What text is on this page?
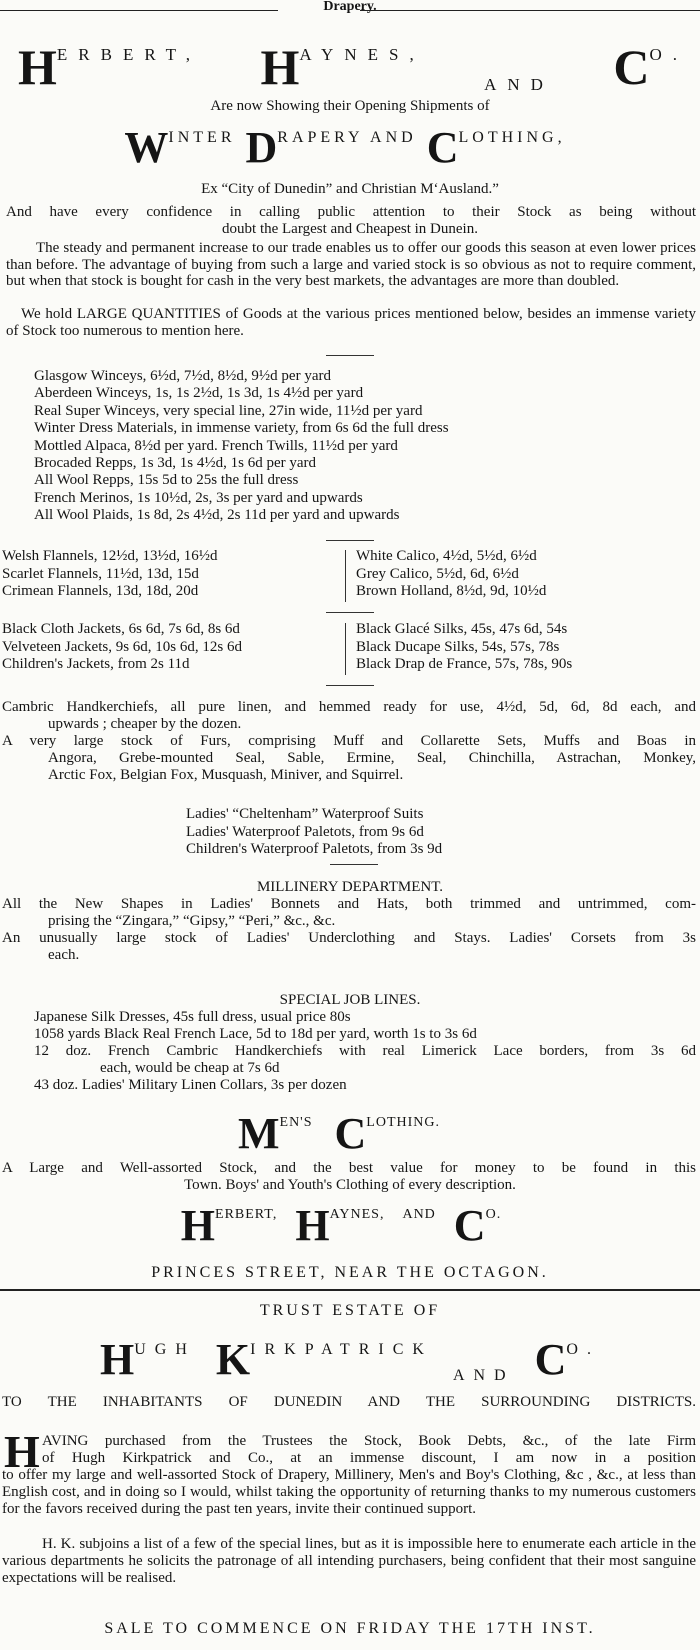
Drapery.
HERBERT, HAYNES,
AND CO.
Are now Showing their Opening Shipments of
WINTER DRAPERY AND CLOTHING,
Ex “City of Dunedin” and Christian M‘Ausland.”
And have every confidence in calling public attention to their Stock as being without
doubt the Largest and Cheapest in Dunein.
The steady and permanent increase to our trade enables us to offer our goods this season at even lower prices than before. The advantage of buying from such a large and varied stock is so obvious as not to require comment, but when that stock is bought for cash in the very best markets, the advantages are more than doubled.
We hold LARGE QUANTITIES of Goods at the various prices mentioned below, besides an immense variety of Stock too numerous to mention here.
Glasgow Winceys, 6½d, 7½d, 8½d, 9½d per yard
Aberdeen Winceys, 1s, 1s 2½d, 1s 3d, 1s 4½d per yard
Real Super Winceys, very special line, 27in wide, 11½d per yard
Winter Dress Materials, in immense variety, from 6s 6d the full dress
Mottled Alpaca, 8½d per yard. French Twills, 11½d per yard
Brocaded Repps, 1s 3d, 1s 4½d, 1s 6d per yard
All Wool Repps, 15s 5d to 25s the full dress
French Merinos, 1s 10½d, 2s, 3s per yard and upwards
All Wool Plaids, 1s 8d, 2s 4½d, 2s 11d per yard and upwards
Welsh Flannels, 12½d, 13½d, 16½d
Scarlet Flannels, 11½d, 13d, 15d
Crimean Flannels, 13d, 18d, 20d
White Calico, 4½d, 5½d, 6½d
Grey Calico, 5½d, 6d, 6½d
Brown Holland, 8½d, 9d, 10½d
Black Cloth Jackets, 6s 6d, 7s 6d, 8s 6d
Velveteen Jackets, 9s 6d, 10s 6d, 12s 6d
Children's Jackets, from 2s 11d
Black Glacé Silks, 45s, 47s 6d, 54s
Black Ducape Silks, 54s, 57s, 78s
Black Drap de France, 57s, 78s, 90s
Cambric Handkerchiefs, all pure linen, and hemmed ready for use, 4½d, 5d, 6d, 8d each, and
upwards ; cheaper by the dozen.
A very large stock of Furs, comprising Muff and Collarette Sets, Muffs and Boas in
Angora, Grebe-mounted Seal, Sable, Ermine, Seal, Chinchilla, Astrachan, Monkey,
Arctic Fox, Belgian Fox, Musquash, Miniver, and Squirrel.
Ladies' “Cheltenham” Waterproof Suits
Ladies' Waterproof Paletots, from 9s 6d
Children's Waterproof Paletots, from 3s 9d
MILLINERY DEPARTMENT.
All the New Shapes in Ladies' Bonnets and Hats, both trimmed and untrimmed, com-
prising the “Zingara,” “Gipsy,” “Peri,” &c., &c.
An unusually large stock of Ladies' Underclothing and Stays. Ladies' Corsets from 3s
each.
SPECIAL JOB LINES.
Japanese Silk Dresses, 45s full dress, usual price 80s
1058 yards Black Real French Lace, 5d to 18d per yard, worth 1s to 3s 6d
12 doz. French Cambric Handkerchiefs with real Limerick Lace borders, from 3s 6d
each, would be cheap at 7s 6d
43 doz. Ladies' Military Linen Collars, 3s per dozen
MEN'S CLOTHING.
A Large and Well-assorted Stock, and the best value for money to be found in this
Town. Boys' and Youth's Clothing of every description.
HERBERT, HAYNES, AND CO.
PRINCES STREET, NEAR THE OCTAGON.
TRUST ESTATE OF
HUGH KIRKPATRICK
AND CO.
TO THE INHABITANTS OF DUNEDIN AND THE SURROUNDING DISTRICTS.
H AVING purchased from the Trustees the Stock, Book Debts, &c., of the late Firm
of Hugh Kirkpatrick and Co., at an immense discount, I am now in a position
to offer my large and well-assorted Stock of Drapery, Millinery, Men's and Boy's Clothing, &c , &c., at less than English cost, and in doing so I would, whilst taking the opportunity of returning thanks to my numerous customers for the favors received during the past ten years, invite their continued support.
H. K. subjoins a list of a few of the special lines, but as it is impossible here to enumerate each article in the various departments he solicits the patronage of all intending purchasers, being confident that their most sanguine expectations will be realised.
SALE TO COMMENCE ON FRIDAY THE 17TH INST.
